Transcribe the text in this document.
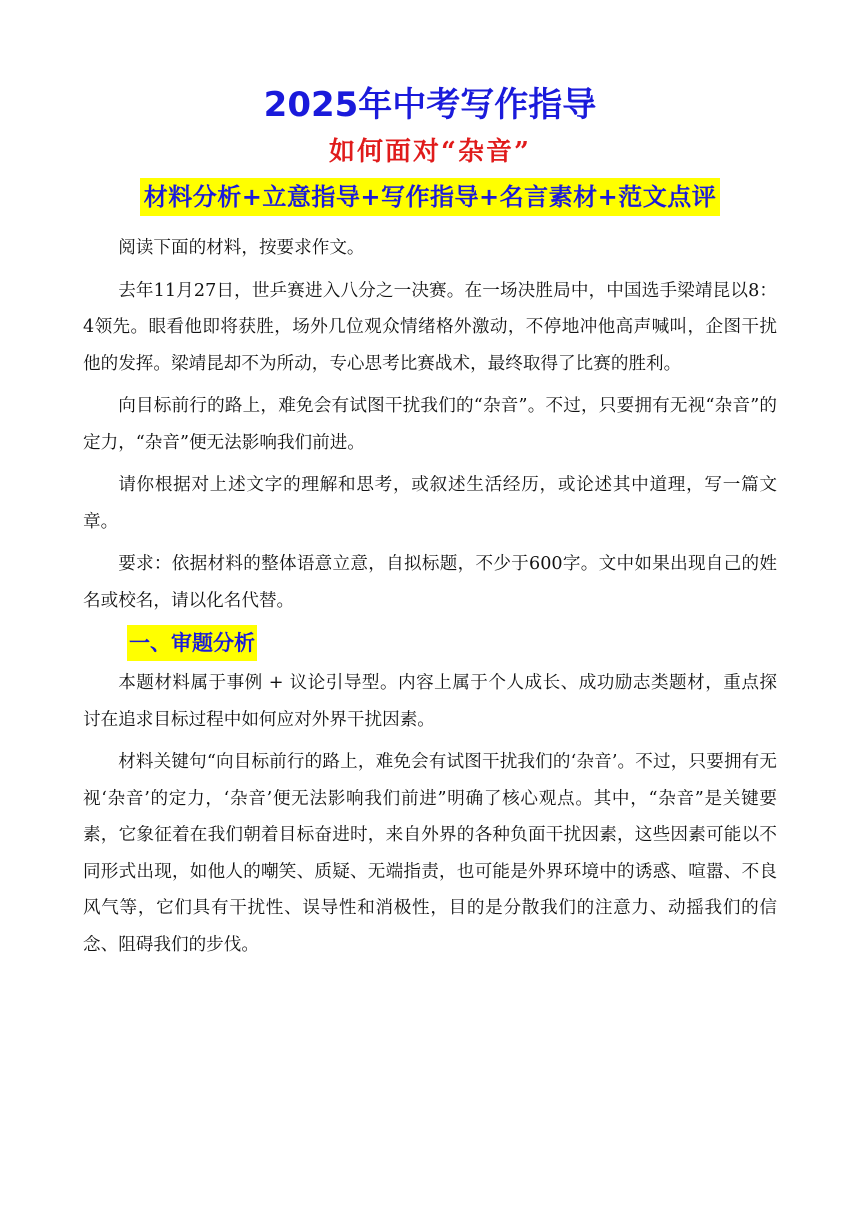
2025年中考写作指导
如何面对“杂音”
材料分析+立意指导+写作指导+名言素材+范文点评

阅读下面的材料，按要求作文。

去年11月27日，世乒赛进入八分之一决赛。在一场决胜局中，中国选手梁靖昆以8：4领先。眼看他即将获胜，场外几位观众情绪格外激动，不停地冲他高声喊叫，企图干扰他的发挥。梁靖昆却不为所动，专心思考比赛战术，最终取得了比赛的胜利。

向目标前行的路上，难免会有试图干扰我们的“杂音”。不过，只要拥有无视“杂音”的定力，“杂音”便无法影响我们前进。

请你根据对上述文字的理解和思考，或叙述生活经历，或论述其中道理，写一篇文章。

要求：依据材料的整体语意立意，自拟标题，不少于600字。文中如果出现自己的姓名或校名，请以化名代替。

一、审题分析

本题材料属于事例 + 议论引导型。内容上属于个人成长、成功励志类题材，重点探讨在追求目标过程中如何应对外界干扰因素。

材料关键句“向目标前行的路上，难免会有试图干扰我们的‘杂音’。不过，只要拥有无视‘杂音’的定力，‘杂音’便无法影响我们前进”明确了核心观点。其中，“杂音”是关键要素，它象征着在我们朝着目标奋进时，来自外界的各种负面干扰因素，这些因素可能以不同形式出现，如他人的嘲笑、质疑、无端指责，也可能是外界环境中的诱惑、喧嚣、不良风气等，它们具有干扰性、误导性和消极性，目的是分散我们的注意力、动摇我们的信念、阻碍我们的步伐。
